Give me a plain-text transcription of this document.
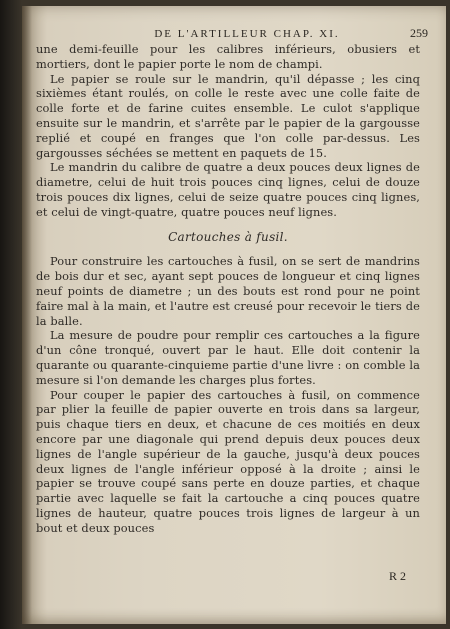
DE L'ARTILLEUR CHAP. XI.	259

une demi-feuille pour les calibres inférieurs, obusiers et mortiers, dont le papier porte le nom de champi.

Le papier se roule sur le mandrin, qu'il dépasse ; les cinq sixièmes étant roulés, on colle le reste avec une colle faite de colle forte et de farine cuites ensemble. Le culot s'applique ensuite sur le mandrin, et s'arrête par le papier de la gargousse replié et coupé en franges que l'on colle par-dessus. Les gargousses séchées se mettent en paquets de 15.

Le mandrin du calibre de quatre a deux pouces deux lignes de diametre, celui de huit trois pouces cinq lignes, celui de douze trois pouces dix lignes, celui de seize quatre pouces cinq lignes, et celui de vingt-quatre, quatre pouces neuf lignes.

Cartouches à fusil.

Pour construire les cartouches à fusil, on se sert de mandrins de bois dur et sec, ayant sept pouces de longueur et cinq lignes neuf points de diametre ; un des bouts est rond pour ne point faire mal à la main, et l'autre est creusé pour recevoir le tiers de la balle.

La mesure de poudre pour remplir ces cartouches a la figure d'un cône tronqué, ouvert par le haut. Elle doit contenir la quarante ou quarante-cinquieme partie d'une livre : on comble la mesure si l'on demande les charges plus fortes.

Pour couper le papier des cartouches à fusil, on commence par plier la feuille de papier ouverte en trois dans sa largeur, puis chaque tiers en deux, et chacune de ces moitiés en deux encore par une diagonale qui prend depuis deux pouces deux lignes de l'angle supérieur de la gauche, jusqu'à deux pouces deux lignes de l'angle inférieur opposé à la droite ; ainsi le papier se trouve coupé sans perte en douze parties, et chaque partie avec laquelle se fait la cartouche a cinq pouces quatre lignes de hauteur, quatre pouces trois lignes de largeur à un bout et deux pouces

R 2
